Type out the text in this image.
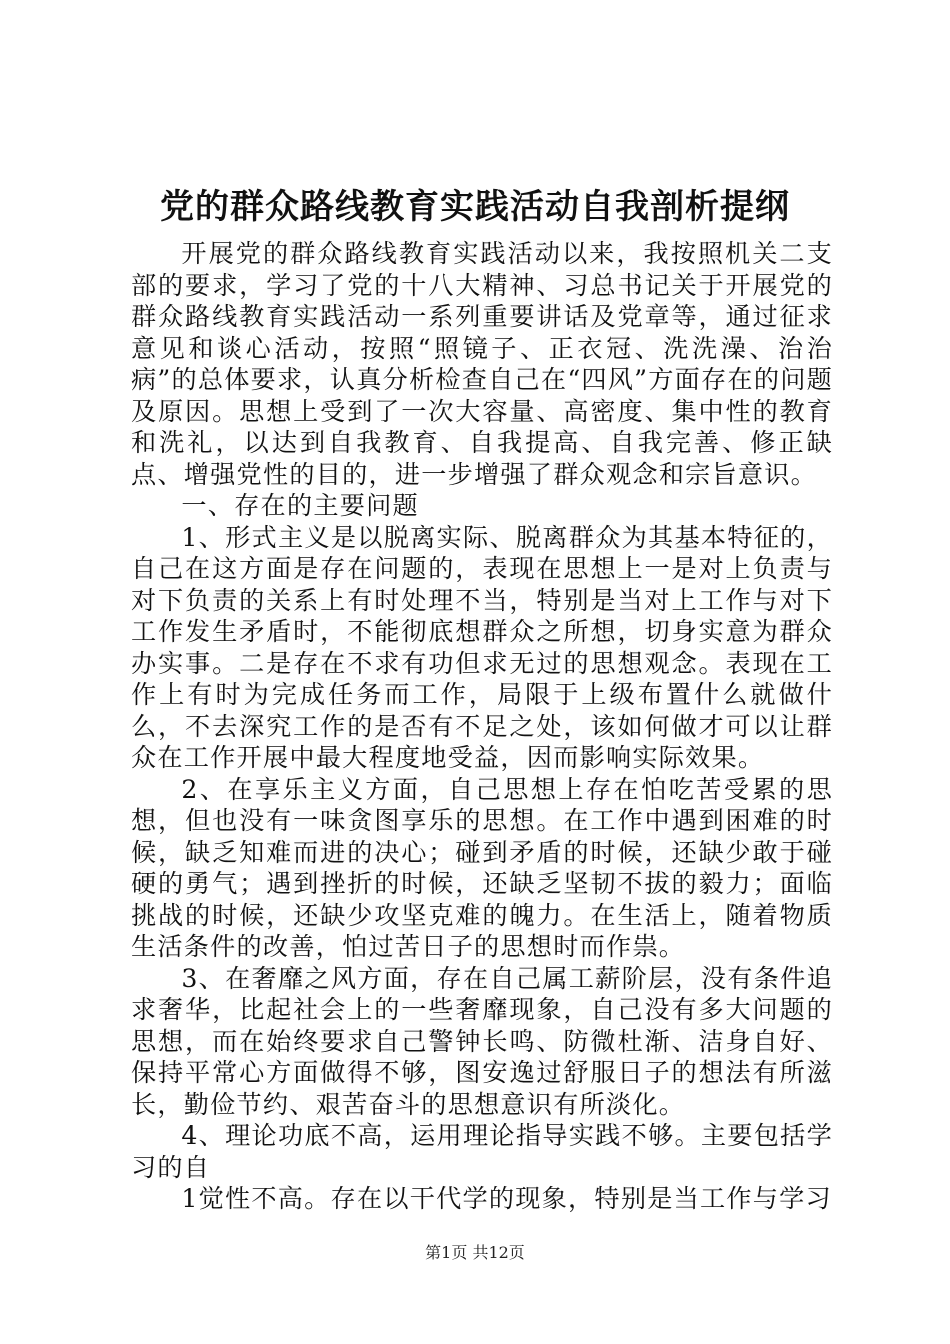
党的群众路线教育实践活动自我剖析提纲

开展党的群众路线教育实践活动以来，我按照机关二支部的要求，学习了党的十八大精神、习总书记关于开展党的群众路线教育实践活动一系列重要讲话及党章等，通过征求意见和谈心活动，按照“照镜子、正衣冠、洗洗澡、治治病”的总体要求，认真分析检查自己在“四风”方面存在的问题及原因。思想上受到了一次大容量、高密度、集中性的教育和洗礼，以达到自我教育、自我提高、自我完善、修正缺点、增强党性的目的，进一步增强了群众观念和宗旨意识。

一、存在的主要问题

1、形式主义是以脱离实际、脱离群众为其基本特征的，自己在这方面是存在问题的，表现在思想上一是对上负责与对下负责的关系上有时处理不当，特别是当对上工作与对下工作发生矛盾时，不能彻底想群众之所想，切身实意为群众办实事。二是存在不求有功但求无过的思想观念。表现在工作上有时为完成任务而工作，局限于上级布置什么就做什么，不去深究工作的是否有不足之处，该如何做才可以让群众在工作开展中最大程度地受益，因而影响实际效果。

2、在享乐主义方面，自己思想上存在怕吃苦受累的思想，但也没有一味贪图享乐的思想。在工作中遇到困难的时候，缺乏知难而进的决心；碰到矛盾的时候，还缺少敢于碰硬的勇气；遇到挫折的时候，还缺乏坚韧不拔的毅力；面临挑战的时候，还缺少攻坚克难的魄力。在生活上，随着物质生活条件的改善，怕过苦日子的思想时而作祟。

3、在奢靡之风方面，存在自己属工薪阶层，没有条件追求奢华，比起社会上的一些奢靡现象，自己没有多大问题的思想，而在始终要求自己警钟长鸣、防微杜渐、洁身自好、保持平常心方面做得不够，图安逸过舒服日子的想法有所滋长，勤俭节约、艰苦奋斗的思想意识有所淡化。

4、理论功底不高，运用理论指导实践不够。主要包括学习的自

1觉性不高。存在以干代学的现象，特别是当工作与学习

第1页 共12页
